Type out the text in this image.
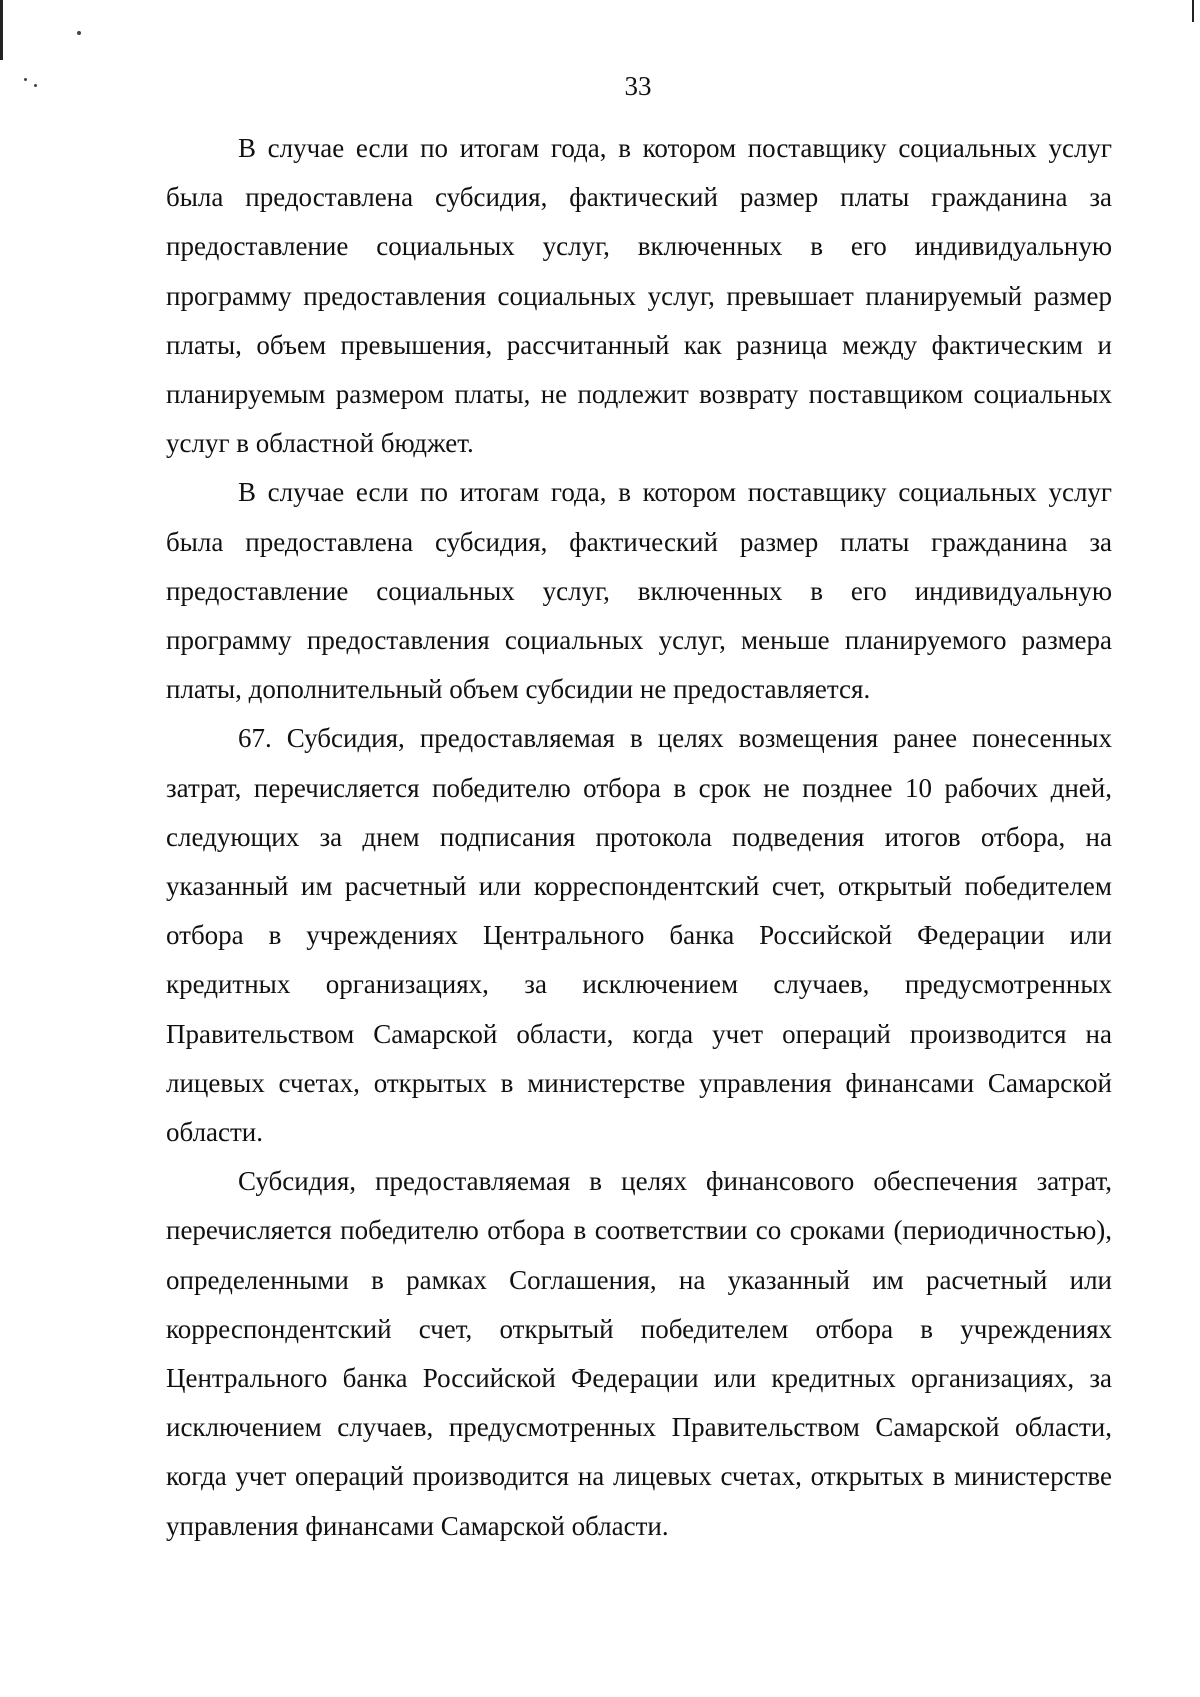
33

В случае если по итогам года, в котором поставщику социальных услуг была предоставлена субсидия, фактический размер платы гражданина за предоставление социальных услуг, включенных в его индивидуальную программу предоставления социальных услуг, превышает планируемый размер платы, объем превышения, рассчитанный как разница между фактическим и планируемым размером платы, не подлежит возврату поставщиком социальных услуг в областной бюджет.

В случае если по итогам года, в котором поставщику социальных услуг была предоставлена субсидия, фактический размер платы гражданина за предоставление социальных услуг, включенных в его индивидуальную программу предоставления социальных услуг, меньше планируемого размера платы, дополнительный объем субсидии не предоставляется.

67. Субсидия, предоставляемая в целях возмещения ранее понесенных затрат, перечисляется победителю отбора в срок не позднее 10 рабочих дней, следующих за днем подписания протокола подведения итогов отбора, на указанный им расчетный или корреспондентский счет, открытый победителем отбора в учреждениях Центрального банка Российской Федерации или кредитных организациях, за исключением случаев, предусмотренных Правительством Самарской области, когда учет операций производится на лицевых счетах, открытых в министерстве управления финансами Самарской области.

Субсидия, предоставляемая в целях финансового обеспечения затрат, перечисляется победителю отбора в соответствии со сроками (периодичностью), определенными в рамках Соглашения, на указанный им расчетный или корреспондентский счет, открытый победителем отбора в учреждениях Центрального банка Российской Федерации или кредитных организациях, за исключением случаев, предусмотренных Правительством Самарской области, когда учет операций производится на лицевых счетах, открытых в министерстве управления финансами Самарской области.
